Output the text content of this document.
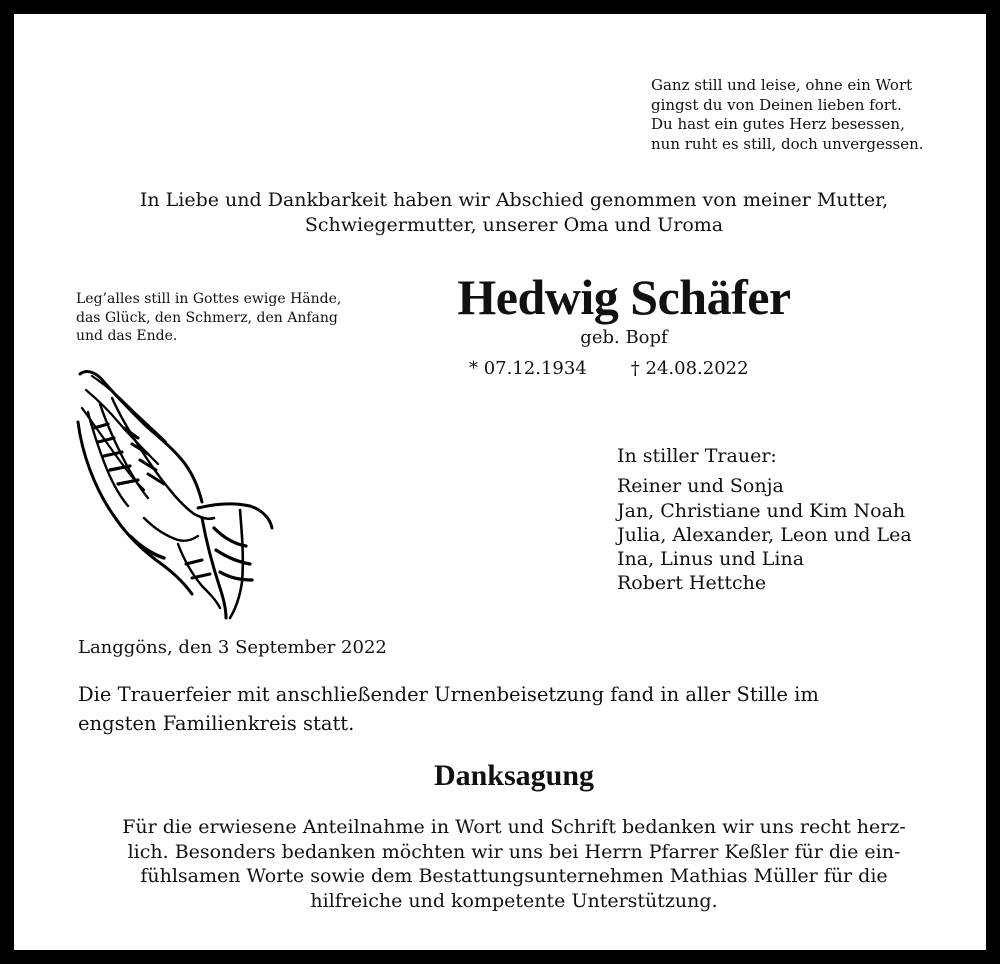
Ganz still und leise, ohne ein Wort
gingst du von Deinen lieben fort.
Du hast ein gutes Herz besessen,
nun ruht es still, doch unvergessen.
In Liebe und Dankbarkeit haben wir Abschied genommen von meiner Mutter,
Schwiegermutter, unserer Oma und Uroma
Leg’alles still in Gottes ewige Hände,
das Glück, den Schmerz, den Anfang
und das Ende.
Hedwig Schäfer
geb. Bopf
* 07.12.1934 † 24.08.2022
In stiller Trauer:
Reiner und Sonja
Jan, Christiane und Kim Noah
Julia, Alexander, Leon und Lea
Ina, Linus und Lina
Robert Hettche
Langgöns, den 3 September 2022
Die Trauerfeier mit anschließender Urnenbeisetzung fand in aller Stille im
engsten Familienkreis statt.
Danksagung
Für die erwiesene Anteilnahme in Wort und Schrift bedanken wir uns recht herz-
lich. Besonders bedanken möchten wir uns bei Herrn Pfarrer Keßler für die ein-
fühlsamen Worte sowie dem Bestattungsunternehmen Mathias Müller für die
hilfreiche und kompetente Unterstützung.
